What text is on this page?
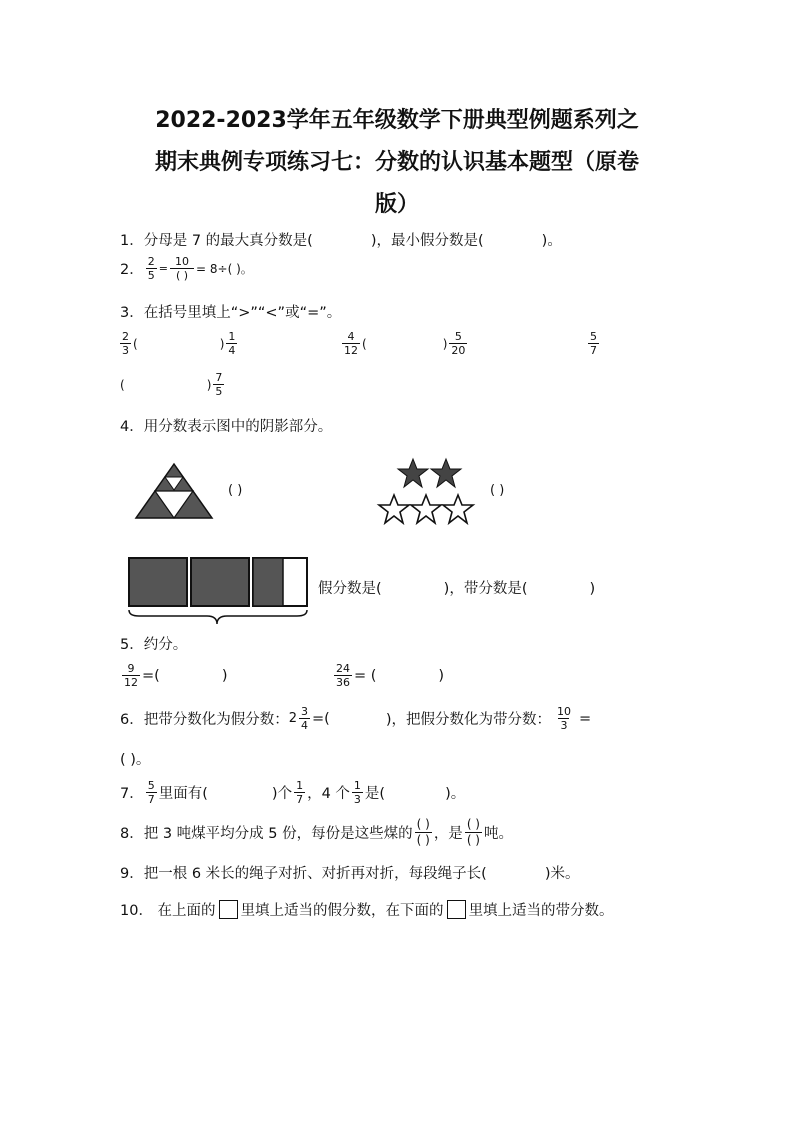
2022-2023学年五年级数学下册典型例题系列之
期末典例专项练习七：分数的认识基本题型（原卷
版）
1．分母是 7 的最大真分数是(	)，最小假分数是(	)。
2． $\frac{2}{5} = \frac{10}{( )} = 8\div$( )。
3．在括号里填上“>”“<”或“=”。
$\frac{2}{3}$ (	) $\frac{1}{4}$	$\frac{4}{12}$ (	) $\frac{5}{20}$	$\frac{5}{7}$
(	) $\frac{7}{5}$
4．用分数表示图中的阴影部分。
( )	( )
假分数是(	)，带分数是(	)
5．约分。
$\frac{9}{12}$ =(	)	$\frac{24}{36}$ = (	)
6．把带分数化为假分数： $2 \frac{3}{4}$ =(	)，把假分数化为带分数： $\frac{10}{3}$ =
( )。
7． $\frac{5}{7}$ 里面有(	)个 $\frac{1}{7}$ ，4 个 $\frac{1}{3}$ 是(	)。
8．把 3 吨煤平均分成 5 份，每份是这些煤的 $\frac{( )}{( )}$ ，是 $\frac{( )}{( )}$ 吨。
9．把一根 6 米长的绳子对折、对折再对折，每段绳子长(	)米。
10． 在上面的 里填上适当的假分数，在下面的 里填上适当的带分数。
